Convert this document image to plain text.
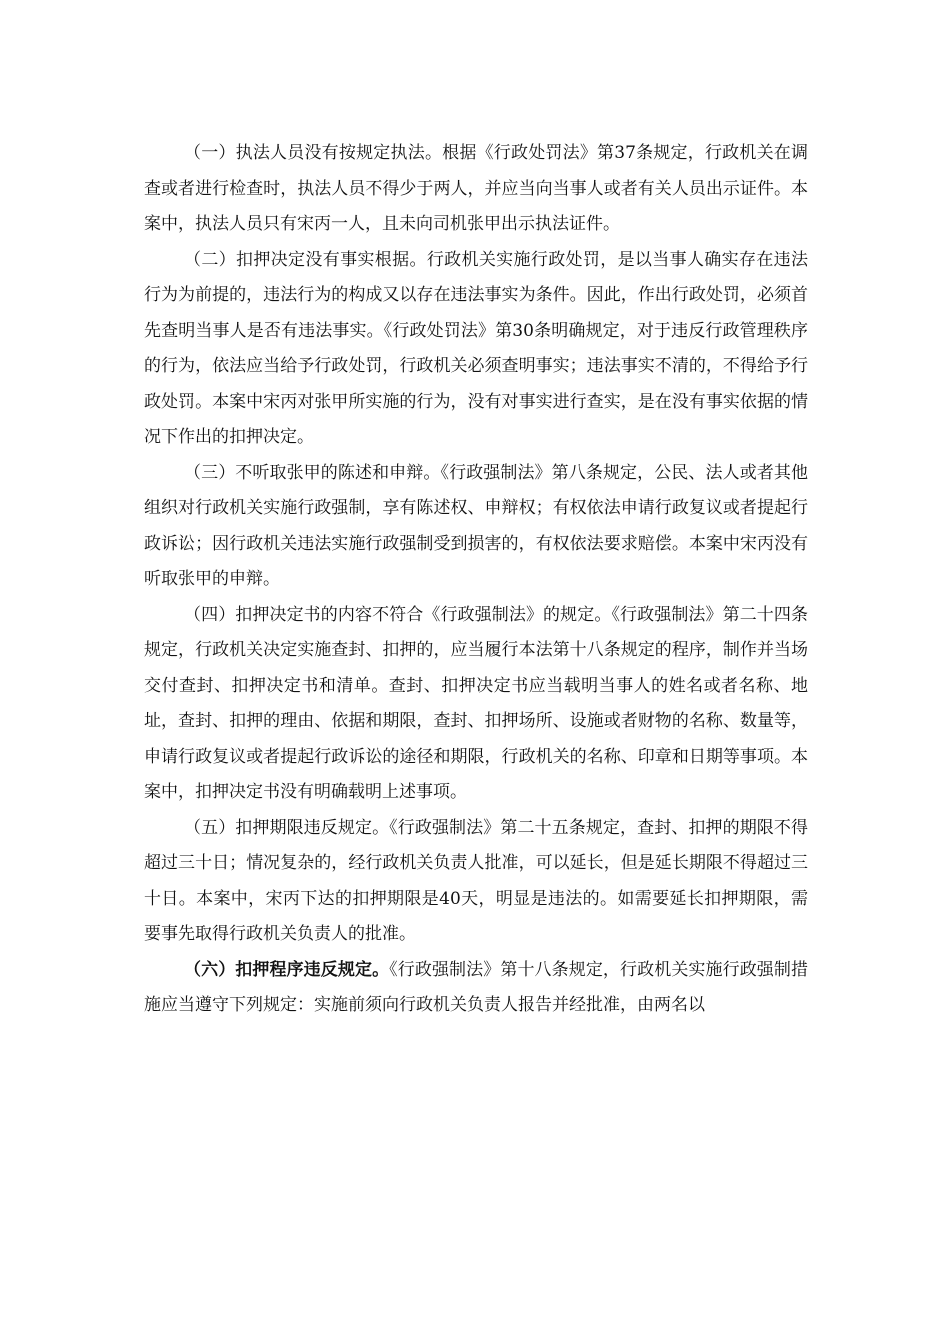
（一）执法人员没有按规定执法。根据《行政处罚法》第37条规定，行政机关在调查或者进行检查时，执法人员不得少于两人，并应当向当事人或者有关人员出示证件。本案中，执法人员只有宋丙一人，且未向司机张甲出示执法证件。

（二）扣押决定没有事实根据。行政机关实施行政处罚，是以当事人确实存在违法行为为前提的，违法行为的构成又以存在违法事实为条件。因此，作出行政处罚，必须首先查明当事人是否有违法事实。《行政处罚法》第30条明确规定，对于违反行政管理秩序的行为，依法应当给予行政处罚，行政机关必须查明事实；违法事实不清的，不得给予行政处罚。本案中宋丙对张甲所实施的行为，没有对事实进行查实，是在没有事实依据的情况下作出的扣押决定。

（三）不听取张甲的陈述和申辩。《行政强制法》第八条规定，公民、法人或者其他组织对行政机关实施行政强制，享有陈述权、申辩权；有权依法申请行政复议或者提起行政诉讼；因行政机关违法实施行政强制受到损害的，有权依法要求赔偿。本案中宋丙没有听取张甲的申辩。

（四）扣押决定书的内容不符合《行政强制法》的规定。《行政强制法》第二十四条规定，行政机关决定实施查封、扣押的，应当履行本法第十八条规定的程序，制作并当场交付查封、扣押决定书和清单。查封、扣押决定书应当载明当事人的姓名或者名称、地址，查封、扣押的理由、依据和期限，查封、扣押场所、设施或者财物的名称、数量等，申请行政复议或者提起行政诉讼的途径和期限，行政机关的名称、印章和日期等事项。本案中，扣押决定书没有明确载明上述事项。

（五）扣押期限违反规定。《行政强制法》第二十五条规定，查封、扣押的期限不得超过三十日；情况复杂的，经行政机关负责人批准，可以延长，但是延长期限不得超过三十日。本案中，宋丙下达的扣押期限是40天，明显是违法的。如需要延长扣押期限，需要事先取得行政机关负责人的批准。

（六）扣押程序违反规定。《行政强制法》第十八条规定，行政机关实施行政强制措施应当遵守下列规定：实施前须向行政机关负责人报告并经批准，由两名以
